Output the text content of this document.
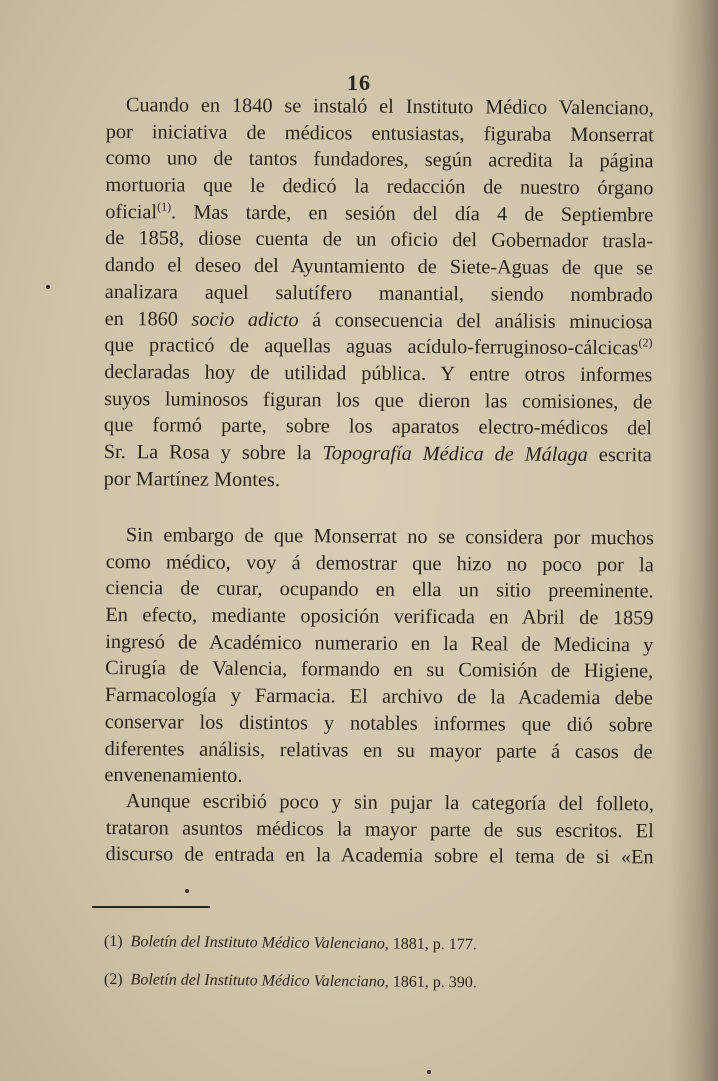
16
Cuando en 1840 se instaló el Instituto Médico Valenciano,
por iniciativa de médicos entusiastas, figuraba Monserrat
como uno de tantos fundadores, según acredita la página
mortuoria que le dedicó la redacción de nuestro órgano
oficial$^{(1)}$. Mas tarde, en sesión del día 4 de Septiembre
de 1858, diose cuenta de un oficio del Gobernador trasla-
dando el deseo del Ayuntamiento de Siete-Aguas de que se
analizara aquel salutífero manantial, siendo nombrado
en 1860 socio adicto á consecuencia del análisis minuciosa
que practicó de aquellas aguas acídulo-ferruginoso-cálcicas$^{(2)}$
declaradas hoy de utilidad pública. Y entre otros informes
suyos luminosos figuran los que dieron las comisiones, de
que formó parte, sobre los aparatos electro-médicos del
Sr. La Rosa y sobre la Topografía Médica de Málaga escrita
por Martínez Montes.
Sin embargo de que Monserrat no se considera por muchos
como médico, voy á demostrar que hizo no poco por la
ciencia de curar, ocupando en ella un sitio preeminente.
En efecto, mediante oposición verificada en Abril de 1859
ingresó de Académico numerario en la Real de Medicina y
Cirugía de Valencia, formando en su Comisión de Higiene,
Farmacología y Farmacia. El archivo de la Academia debe
conservar los distintos y notables informes que dió sobre
diferentes análisis, relativas en su mayor parte á casos de
envenenamiento.
Aunque escribió poco y sin pujar la categoría del folleto,
trataron asuntos médicos la mayor parte de sus escritos. El
discurso de entrada en la Academia sobre el tema de si «En
(1) Boletín del Instituto Médico Valenciano, 1881, p. 177.
(2) Boletín del Instituto Médico Valenciano, 1861, p. 390.
